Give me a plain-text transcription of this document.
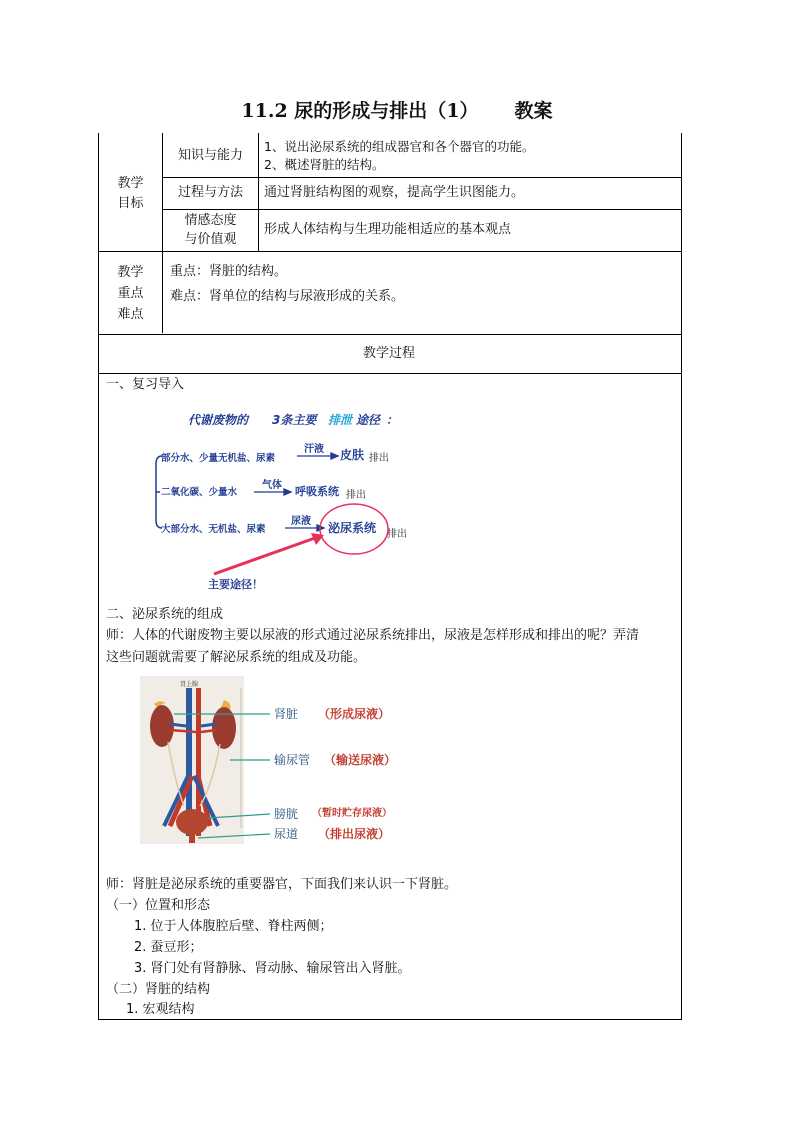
11.2 尿的形成与排出（1） 教案
教学
目标
知识与能力
1、说出泌尿系统的组成器官和各个器官的功能。
2、概述肾脏的结构。
过程与方法	通过肾脏结构图的观察，提高学生识图能力。
情感态度
与价值观
形成人体结构与生理功能相适应的基本观点
教学
重点
难点
重点：肾脏的结构。
难点：肾单位的结构与尿液形成的关系。
教学过程
一、复习导入
代谢废物的 3条主要 排泄 途径 ：
部分水、少量无机盐、尿素
汗液 皮肤 排出
二氧化碳、少量水
气体 呼吸系统 排出
大部分水、无机盐、尿素
尿液 泌尿系统 排出
主要途径！
二、泌尿系统的组成
师：人体的代谢废物主要以尿液的形式通过泌尿系统排出，尿液是怎样形成和排出的呢？弄清
这些问题就需要了解泌尿系统的组成及功能。
肾上腺
肾脏 （形成尿液）
输尿管 （输送尿液）
膀胱 （暂时贮存尿液）
尿道 （排出尿液）
师：肾脏是泌尿系统的重要器官，下面我们来认识一下肾脏。
（一）位置和形态
1. 位于人体腹腔后壁、脊柱两侧；
2. 蚕豆形；
3. 肾门处有肾静脉、肾动脉、输尿管出入肾脏。
（二）肾脏的结构
1. 宏观结构
